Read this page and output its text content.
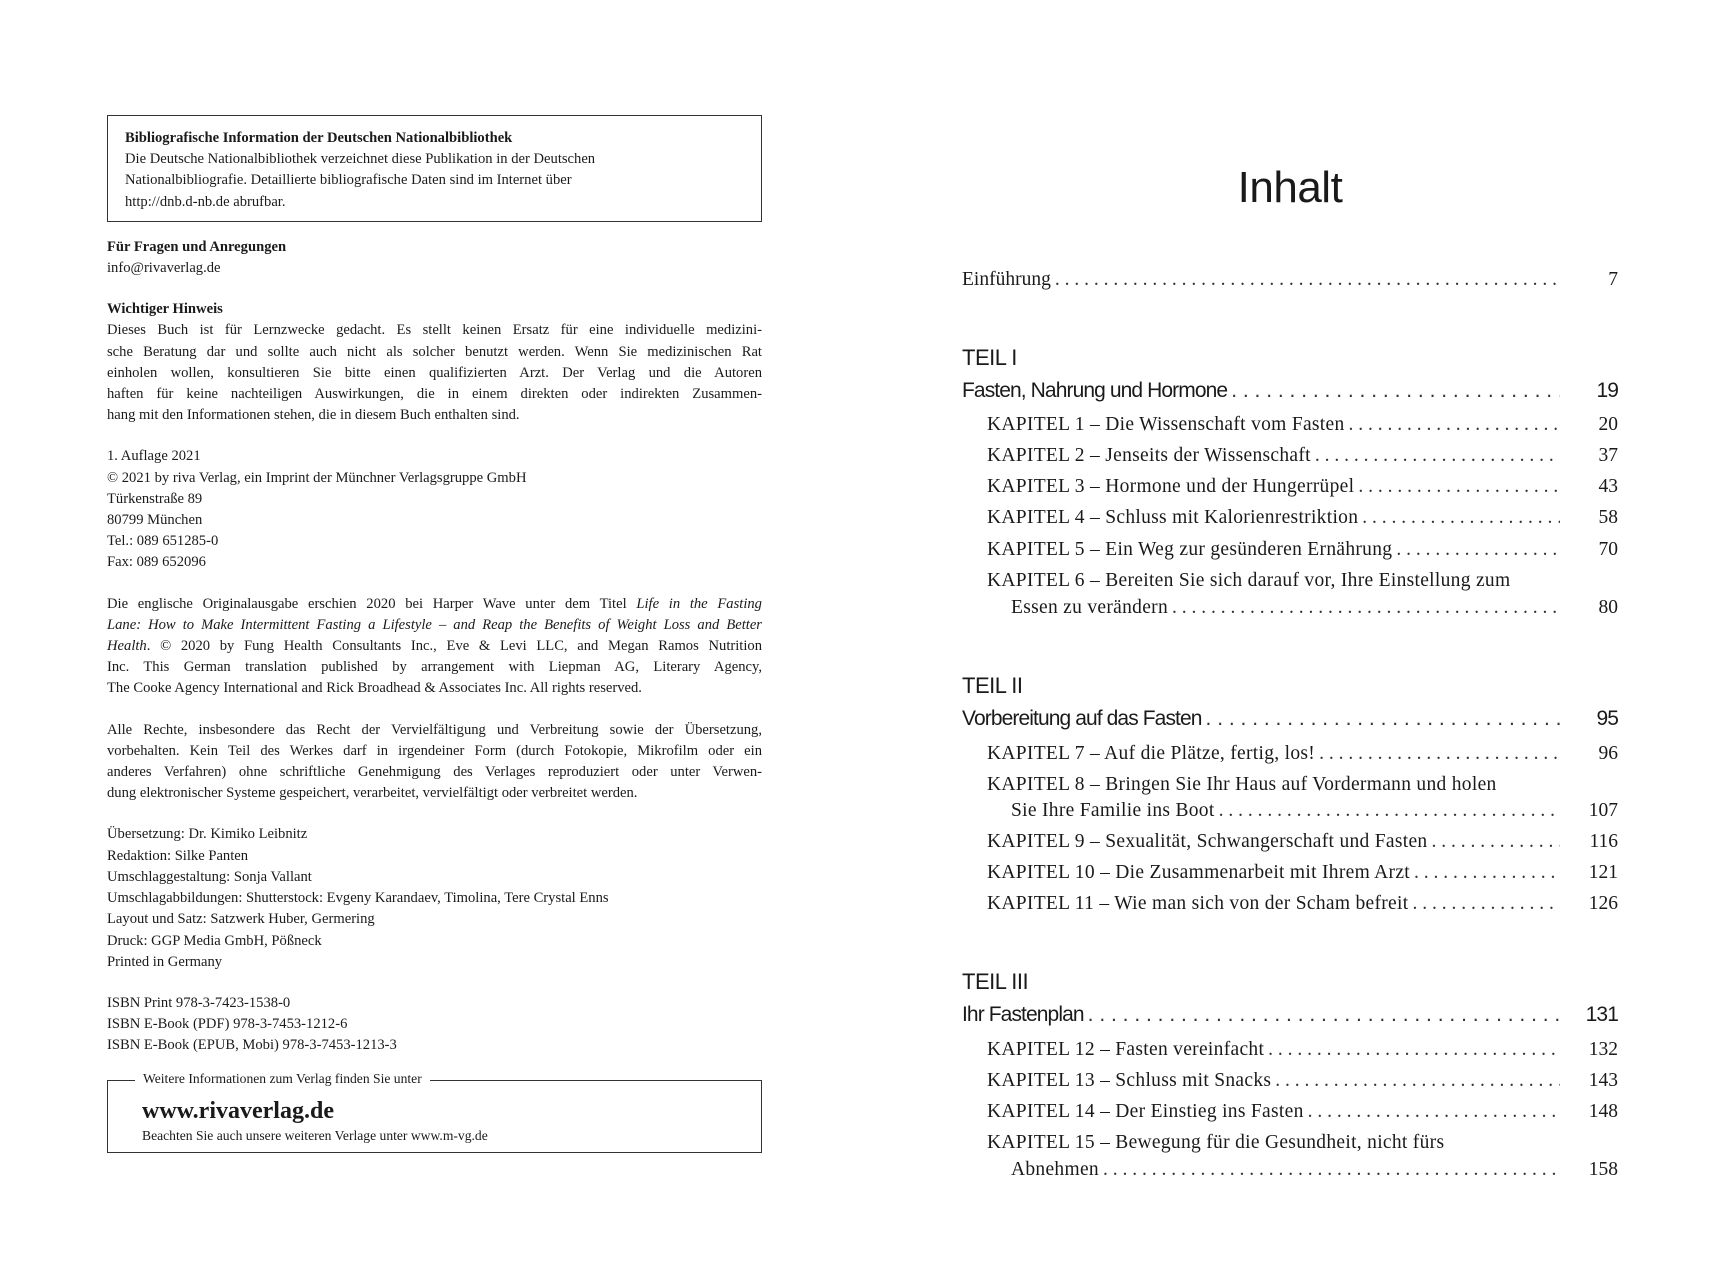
Bibliografische Information der Deutschen Nationalbibliothek
Die Deutsche Nationalbibliothek verzeichnet diese Publikation in der Deutschen
Nationalbibliografie. Detaillierte bibliografische Daten sind im Internet über
http://dnb.d-nb.de abrufbar.
Für Fragen und Anregungen
info@rivaverlag.de
Wichtiger Hinweis
Dieses Buch ist für Lernzwecke gedacht. Es stellt keinen Ersatz für eine individuelle medizini-
sche Beratung dar und sollte auch nicht als solcher benutzt werden. Wenn Sie medizinischen Rat
einholen wollen, konsultieren Sie bitte einen qualifizierten Arzt. Der Verlag und die Autoren
haften für keine nachteiligen Auswirkungen, die in einem direkten oder indirekten Zusammen-
hang mit den Informationen stehen, die in diesem Buch enthalten sind.
1. Auflage 2021
© 2021 by riva Verlag, ein Imprint der Münchner Verlagsgruppe GmbH
Türkenstraße 89
80799 München
Tel.: 089 651285-0
Fax: 089 652096
Die englische Originalausgabe erschien 2020 bei Harper Wave unter dem Titel Life in the Fasting
Lane: How to Make Intermittent Fasting a Lifestyle – and Reap the Benefits of Weight Loss and Better
Health. © 2020 by Fung Health Consultants Inc., Eve & Levi LLC, and Megan Ramos Nutrition
Inc. This German translation published by arrangement with Liepman AG, Literary Agency,
The Cooke Agency International and Rick Broadhead & Associates Inc. All rights reserved.
Alle Rechte, insbesondere das Recht der Vervielfältigung und Verbreitung sowie der Übersetzung,
vorbehalten. Kein Teil des Werkes darf in irgendeiner Form (durch Fotokopie, Mikrofilm oder ein
anderes Verfahren) ohne schriftliche Genehmigung des Verlages reproduziert oder unter Verwen-
dung elektronischer Systeme gespeichert, verarbeitet, vervielfältigt oder verbreitet werden.
Übersetzung: Dr. Kimiko Leibnitz
Redaktion: Silke Panten
Umschlaggestaltung: Sonja Vallant
Umschlagabbildungen: Shutterstock: Evgeny Karandaev, Timolina, Tere Crystal Enns
Layout und Satz: Satzwerk Huber, Germering
Druck: GGP Media GmbH, Pößneck
Printed in Germany
ISBN Print 978-3-7423-1538-0
ISBN E-Book (PDF) 978-3-7453-1212-6
ISBN E-Book (EPUB, Mobi) 978-3-7453-1213-3
Weitere Informationen zum Verlag finden Sie unter
www.rivaverlag.de
Beachten Sie auch unsere weiteren Verlage unter www.m-vg.de
Inhalt
Einführung . . .	7
TEIL I
Fasten, Nahrung und Hormone . . .	19
KAPITEL 1 – Die Wissenschaft vom Fasten . . .	20
KAPITEL 2 – Jenseits der Wissenschaft . . .	37
KAPITEL 3 – Hormone und der Hungerrüpel . . .	43
KAPITEL 4 – Schluss mit Kalorienrestriktion . . .	58
KAPITEL 5 – Ein Weg zur gesünderen Ernährung . . .	70
KAPITEL 6 – Bereiten Sie sich darauf vor, Ihre Einstellung zum
Essen zu verändern . . .	80
TEIL II
Vorbereitung auf das Fasten . . .	95
KAPITEL 7 – Auf die Plätze, fertig, los! . . .	96
KAPITEL 8 – Bringen Sie Ihr Haus auf Vordermann und holen
Sie Ihre Familie ins Boot . . .	107
KAPITEL 9 – Sexualität, Schwangerschaft und Fasten . . .	116
KAPITEL 10 – Die Zusammenarbeit mit Ihrem Arzt . . .	121
KAPITEL 11 – Wie man sich von der Scham befreit . . .	126
TEIL III
Ihr Fastenplan . . .	131
KAPITEL 12 – Fasten vereinfacht . . .	132
KAPITEL 13 – Schluss mit Snacks . . .	143
KAPITEL 14 – Der Einstieg ins Fasten . . .	148
KAPITEL 15 – Bewegung für die Gesundheit, nicht fürs
Abnehmen . . .	158
